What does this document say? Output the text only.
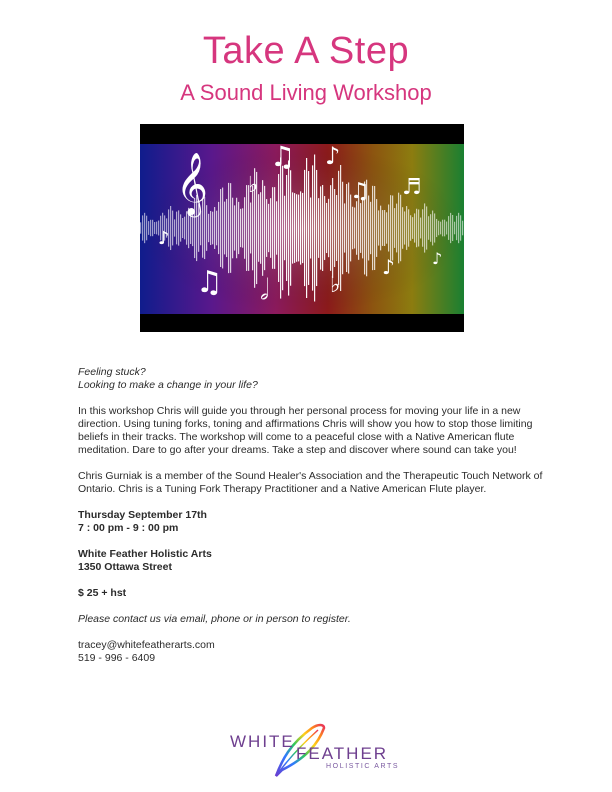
Take A Step
A Sound Living Workshop
𝄞 ♫ ♪
♭	♫ ♬
♫ 𝅗𝅥
♪
♪
♪
♭

Feeling stuck?

Looking to make a change in your life?

In this workshop Chris will guide you through her personal process for moving your life in a new direction. Using tuning forks, toning and affirmations Chris will show you how to stop those limiting beliefs in their tracks. The workshop will come to a peaceful close with a Native American flute meditation. Dare to go after your dreams. Take a step and discover where sound can take you!

Chris Gurniak is a member of the Sound Healer's Association and the Therapeutic Touch Network of Ontario. Chris is a Tuning Fork Therapy Practitioner and a Native American Flute player.

Thursday September 17th

7 : 00 pm - 9 : 00 pm

White Feather Holistic Arts

1350 Ottawa Street

$ 25 + hst

Please contact us via email, phone or in person to register.

tracey@whitefeatherarts.com

519 - 996 - 6409

WHITE
FEATHER
HOLISTIC ARTS
